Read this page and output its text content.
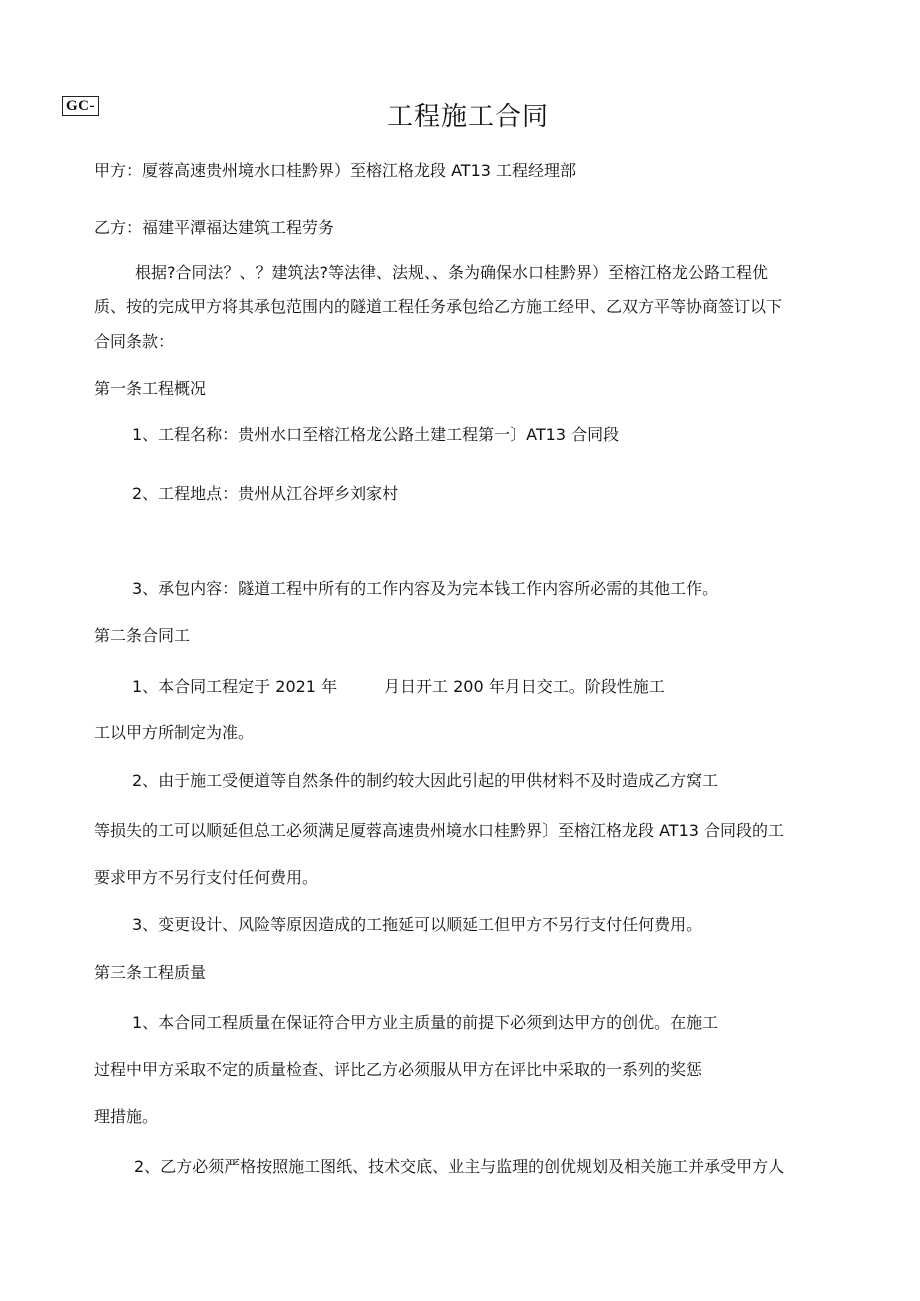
GC-	工程施工合同
甲方：厦蓉高速贵州境水口桂黔界）至榕江格龙段 AT13 工程经理部
乙方：福建平潭福达建筑工程劳务
根据?合同法？、？建筑法?等法律、法规、、条为确保水口桂黔界）至榕江格龙公路工程优
质、按的完成甲方将其承包范围内的隧道工程任务承包给乙方施工经甲、乙双方平等协商签订以下
合同条款：
第一条工程概况
1、工程名称：贵州水口至榕江格龙公路土建工程第一〕AT13 合同段
2、工程地点：贵州从江谷坪乡刘家村
3、承包内容：隧道工程中所有的工作内容及为完本钱工作内容所必需的其他工作。
第二条合同工
1、本合同工程定于 2021 年	月日开工 200 年月日交工。阶段性施工
工以甲方所制定为准。
2、由于施工受便道等自然条件的制约较大因此引起的甲供材料不及时造成乙方窝工
等损失的工可以顺延但总工必须满足厦蓉高速贵州境水口桂黔界〕至榕江格龙段 AT13 合同段的工
要求甲方不另行支付任何费用。
3、变更设计、风险等原因造成的工拖延可以顺延工但甲方不另行支付任何费用。
第三条工程质量
1、本合同工程质量在保证符合甲方业主质量的前提下必须到达甲方的创优。在施工
过程中甲方采取不定的质量检查、评比乙方必须服从甲方在评比中采取的一系列的奖惩
理措施。
2、乙方必须严格按照施工图纸、技术交底、业主与监理的创优规划及相关施工并承受甲方人
